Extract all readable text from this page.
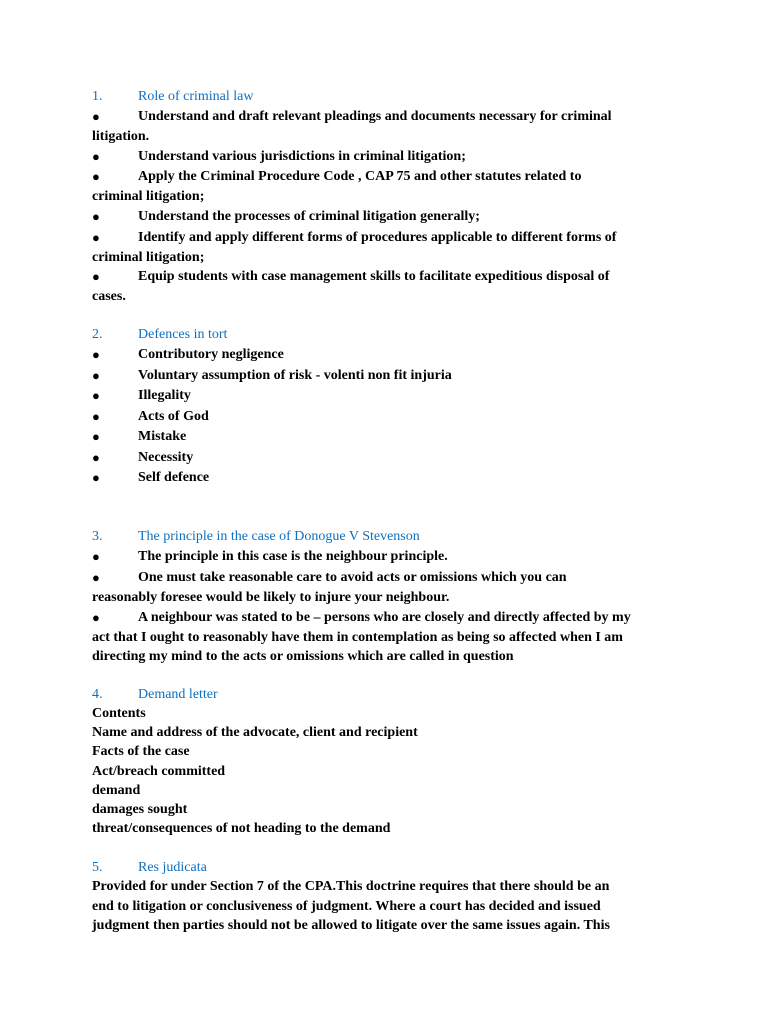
1.	Role of criminal law
●	Understand and draft relevant pleadings and documents necessary for criminal
litigation.
●	Understand various jurisdictions in criminal litigation;
●	Apply the Criminal Procedure Code , CAP 75 and other statutes related to
criminal litigation;
●	Understand the processes of criminal litigation generally;
●	Identify and apply different forms of procedures applicable to different forms of
criminal litigation;
●	Equip students with case management skills to facilitate expeditious disposal of
cases.
2.	Defences in tort
●	Contributory negligence
●	Voluntary assumption of risk - volenti non fit injuria
●	Illegality
●	Acts of God
●	Mistake
●	Necessity
●	Self defence
3.	The principle in the case of Donogue V Stevenson
●	The principle in this case is the neighbour principle.
●	One must take reasonable care to avoid acts or omissions which you can
reasonably foresee would be likely to injure your neighbour.
●	A neighbour was stated to be – persons who are closely and directly affected by my
act that I ought to reasonably have them in contemplation as being so affected when I am
directing my mind to the acts or omissions which are called in question
4.	Demand letter
Contents
Name and address of the advocate, client and recipient
Facts of the case
Act/breach committed
demand
damages sought
threat/consequences of not heading to the demand
5.	Res judicata
Provided for under Section 7 of the CPA.This doctrine requires that there should be an
end to litigation or conclusiveness of judgment. Where a court has decided and issued
judgment then parties should not be allowed to litigate over the same issues again. This
